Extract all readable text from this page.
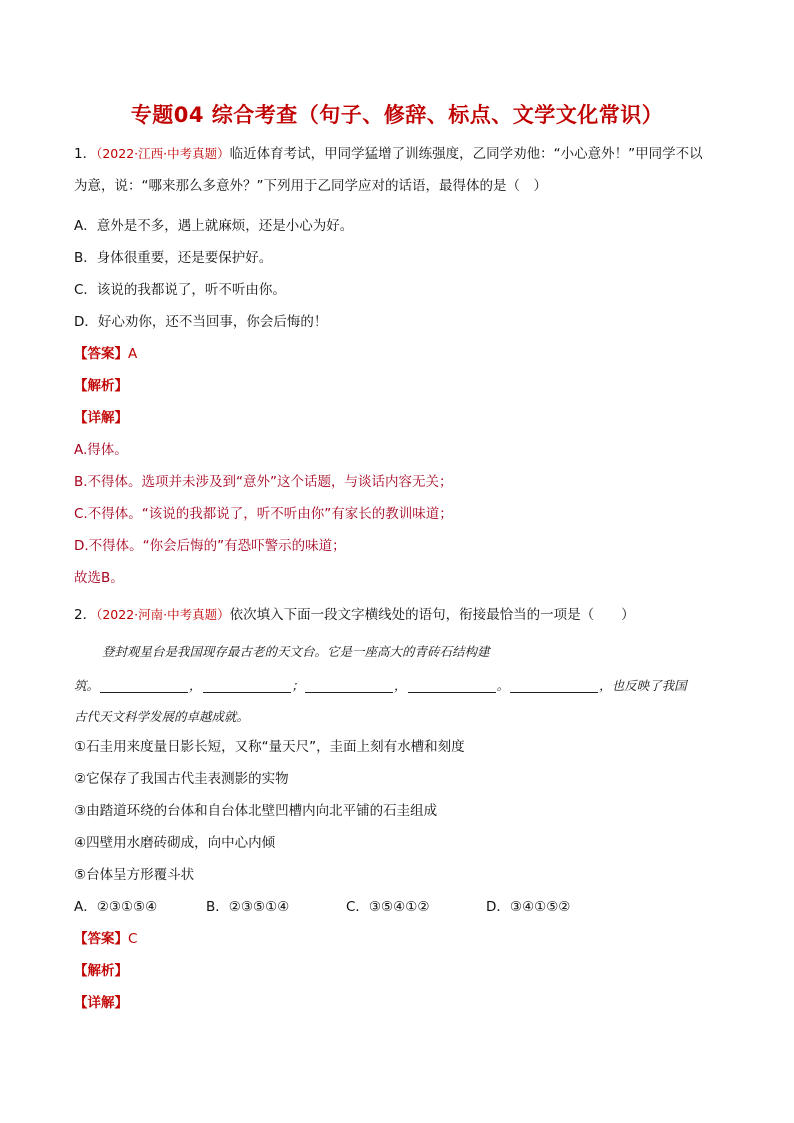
专题04 综合考查（句子、修辞、标点、文学文化常识）
1．（2022·江西·中考真题）临近体育考试，甲同学猛增了训练强度，乙同学劝他：“小心意外！”甲同学不以
为意，说：“哪来那么多意外？”下列用于乙同学应对的话语，最得体的是（　）
A．意外是不多，遇上就麻烦，还是小心为好。
B．身体很重要，还是要保护好。
C．该说的我都说了，听不听由你。
D．好心劝你，还不当回事，你会后悔的！
【答案】A
【解析】
【详解】
A.得体。
B.不得体。选项并未涉及到“意外”这个话题，与谈话内容无关；
C.不得体。“该说的我都说了，听不听由你”有家长的教训味道；
D.不得体。“你会后悔的”有恐吓警示的味道；
故选B。
2．（2022·河南·中考真题）依次填入下面一段文字横线处的语句，衔接最恰当的一项是（　　）
登封观星台是我国现存最古老的天文台。它是一座高大的青砖石结构建
筑。	，	；	，	。	，也反映了我国
古代天文科学发展的卓越成就。
①石圭用来度量日影长短，又称“量天尺”，圭面上刻有水槽和刻度
②它保存了我国古代圭表测影的实物
③由踏道环绕的台体和自台体北壁凹槽内向北平铺的石圭组成
④四壁用水磨砖砌成，向中心内倾
⑤台体呈方形覆斗状
A．②③①⑤④	B．②③⑤①④	C．③⑤④①②	D．③④①⑤②
【答案】C
【解析】
【详解】
